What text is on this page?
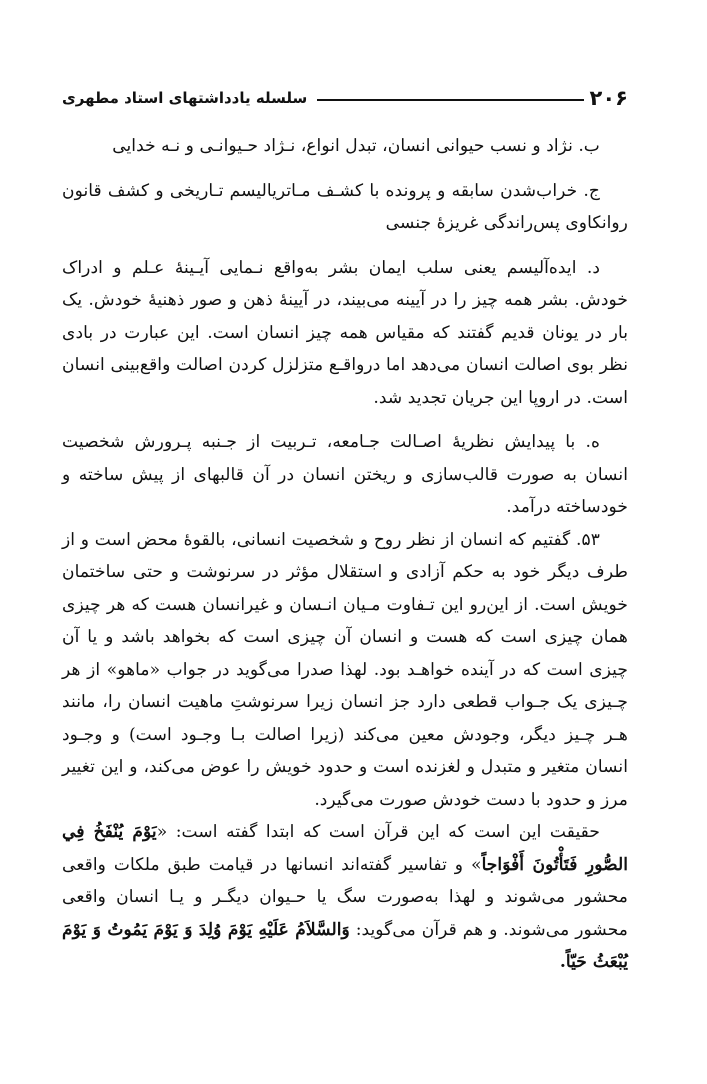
۲۰۶
سلسله یادداشتهای استاد مطهری

ب. نژاد و نسب حیوانی انسان، تبدل انواع، نـژاد حـیوانـی و نـه خدایی

ج. خراب‌شدن سابقه و پرونده با کشـف مـاتریالیسم تـاریخی و کشف قانون روانکاوی پس‌راندگی غریزهٔ جنسی

د. ایده‌آلیسم یعنی سلب ایمان بشر به‌واقع نـمایی آیـینهٔ عـلم و ادراک خودش. بشر همه چیز را در آیینه می‌بیند، در آیینهٔ ذهن و صور ذهنیهٔ خودش. یک بار در یونان قدیم گفتند که مقیاس همه چیز انسان است. این عبارت در بادی نظر بوی اصالت انسان می‌دهد اما درواقـع متزلزل کردن اصالت واقع‌بینی انسان است. در اروپا این جریان تجدید شد.

ه. با پیدایش نظریهٔ اصـالت جـامعه، تـربیت از جـنبه پـرورش شخصیت انسان به صورت قالب‌سازی و ریختن انسان در آن قالبهای از پیش ساخته و خودساخته درآمد.

۵۳. گفتیم که انسان از نظر روح و شخصیت انسانی، بالقوهٔ محض است و از طرف دیگر خود به حکم آزادی و استقلال مؤثر در سرنوشت و حتی ساختمان خویش است. از این‌رو این تـفاوت مـیان انـسان و غیرانسان هست که هر چیزی همان چیزی است که هست و انسان آن چیزی است که بخواهد باشد و یا آن چیزی است که در آینده خواهـد بود. لهذا صدرا می‌گوید در جواب «ماهو» از هر چـیزی یک جـواب قطعی دارد جز انسان زیرا سرنوشتِ ماهیت انسان را، مانند هـر چـیز دیگر، وجودش معین می‌کند (زیرا اصالت بـا وجـود است) و وجـود انسان متغیر و متبدل و لغزنده است و حدود خویش را عوض می‌کند، و این تغییر مرز و حدود با دست خودش صورت می‌گیرد.

حقیقت این است که این قرآن است که ابتدا گفته است: «يَوْمَ يُنْفَخُ فِي الصُّورِ فَتَأْتُونَ أَفْوَاجاً» و تفاسیر گفته‌اند انسانها در قیامت طبق ملکات واقعی محشور می‌شوند و لهذا به‌صورت سگ یا حـیوان دیگـر و یـا انسان واقعی محشور می‌شوند. و هم قرآن می‌گوید: وَالسَّلاَمُ عَلَيْهِ يَوْمَ وُلِدَ وَ يَوْمَ يَمُوتُ وَ يَوْمَ يُبْعَثُ حَيّاً.
